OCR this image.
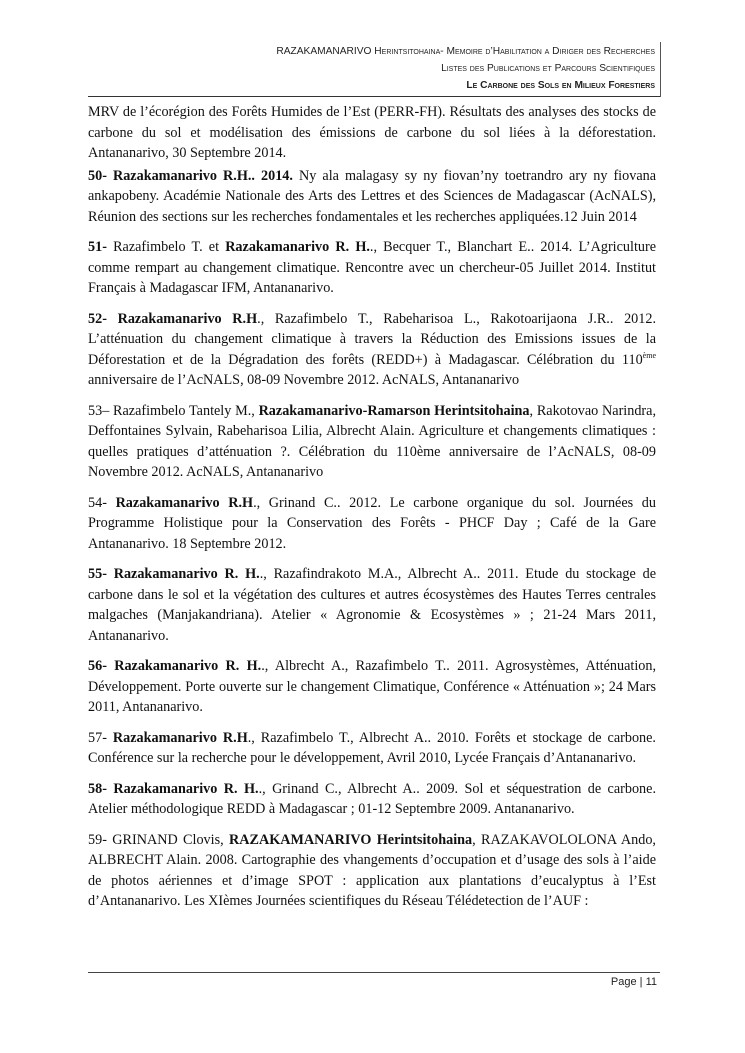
RAZAKAMANARIVO Herintsitohaina- Memoire d’Habilitation a Diriger des Recherches
Listes des Publications et Parcours Scientifiques
Le Carbone des Sols en Milieux Forestiers

MRV de l’écorégion des Forêts Humides de l’Est (PERR-FH). Résultats des analyses des stocks de carbone du sol et modélisation des émissions de carbone du sol liées à la déforestation. Antananarivo, 30 Septembre 2014.

50- Razakamanarivo R.H.. 2014. Ny ala malagasy sy ny fiovan’ny toetrandro ary ny fiovana ankapobeny. Académie Nationale des Arts des Lettres et des Sciences de Madagascar (AcNALS), Réunion des sections sur les recherches fondamentales et les recherches appliquées.12 Juin 2014

51- Razafimbelo T. et Razakamanarivo R. H.., Becquer T., Blanchart E.. 2014. L’Agriculture comme rempart au changement climatique. Rencontre avec un chercheur-05 Juillet 2014. Institut Français à Madagascar IFM, Antananarivo.

52- Razakamanarivo R.H., Razafimbelo T., Rabeharisoa L., Rakotoarijaona J.R.. 2012. L’atténuation du changement climatique à travers la Réduction des Emissions issues de la Déforestation et de la Dégradation des forêts (REDD+) à Madagascar. Célébration du 110ème anniversaire de l’AcNALS, 08-09 Novembre 2012. AcNALS, Antananarivo

53– Razafimbelo Tantely M., Razakamanarivo-Ramarson Herintsitohaina, Rakotovao Narindra, Deffontaines Sylvain, Rabeharisoa Lilia, Albrecht Alain. Agriculture et changements climatiques : quelles pratiques d’atténuation ?. Célébration du 110ème anniversaire de l’AcNALS, 08-09 Novembre 2012. AcNALS, Antananarivo

54- Razakamanarivo R.H., Grinand C.. 2012. Le carbone organique du sol. Journées du Programme Holistique pour la Conservation des Forêts - PHCF Day ; Café de la Gare Antananarivo. 18 Septembre 2012.

55- Razakamanarivo R. H.., Razafindrakoto M.A., Albrecht A.. 2011. Etude du stockage de carbone dans le sol et la végétation des cultures et autres écosystèmes des Hautes Terres centrales malgaches (Manjakandriana). Atelier « Agronomie & Ecosystèmes » ; 21-24 Mars 2011, Antananarivo.

56- Razakamanarivo R. H.., Albrecht A., Razafimbelo T.. 2011. Agrosystèmes, Atténuation, Développement. Porte ouverte sur le changement Climatique, Conférence « Atténuation »; 24 Mars 2011, Antananarivo.

57- Razakamanarivo R.H., Razafimbelo T., Albrecht A.. 2010. Forêts et stockage de carbone. Conférence sur la recherche pour le développement, Avril 2010, Lycée Français d’Antananarivo.

58- Razakamanarivo R. H.., Grinand C., Albrecht A.. 2009. Sol et séquestration de carbone. Atelier méthodologique REDD à Madagascar ; 01-12 Septembre 2009. Antananarivo.

59- GRINAND Clovis, RAZAKAMANARIVO Herintsitohaina, RAZAKAVOLOLONA Ando, ALBRECHT Alain. 2008. Cartographie des vhangements d’occupation et d’usage des sols à l’aide de photos aériennes et d’image SPOT : application aux plantations d’eucalyptus à l’Est d’Antananarivo. Les XIèmes Journées scientifiques du Réseau Télédetection de l’AUF :

Page | 11
